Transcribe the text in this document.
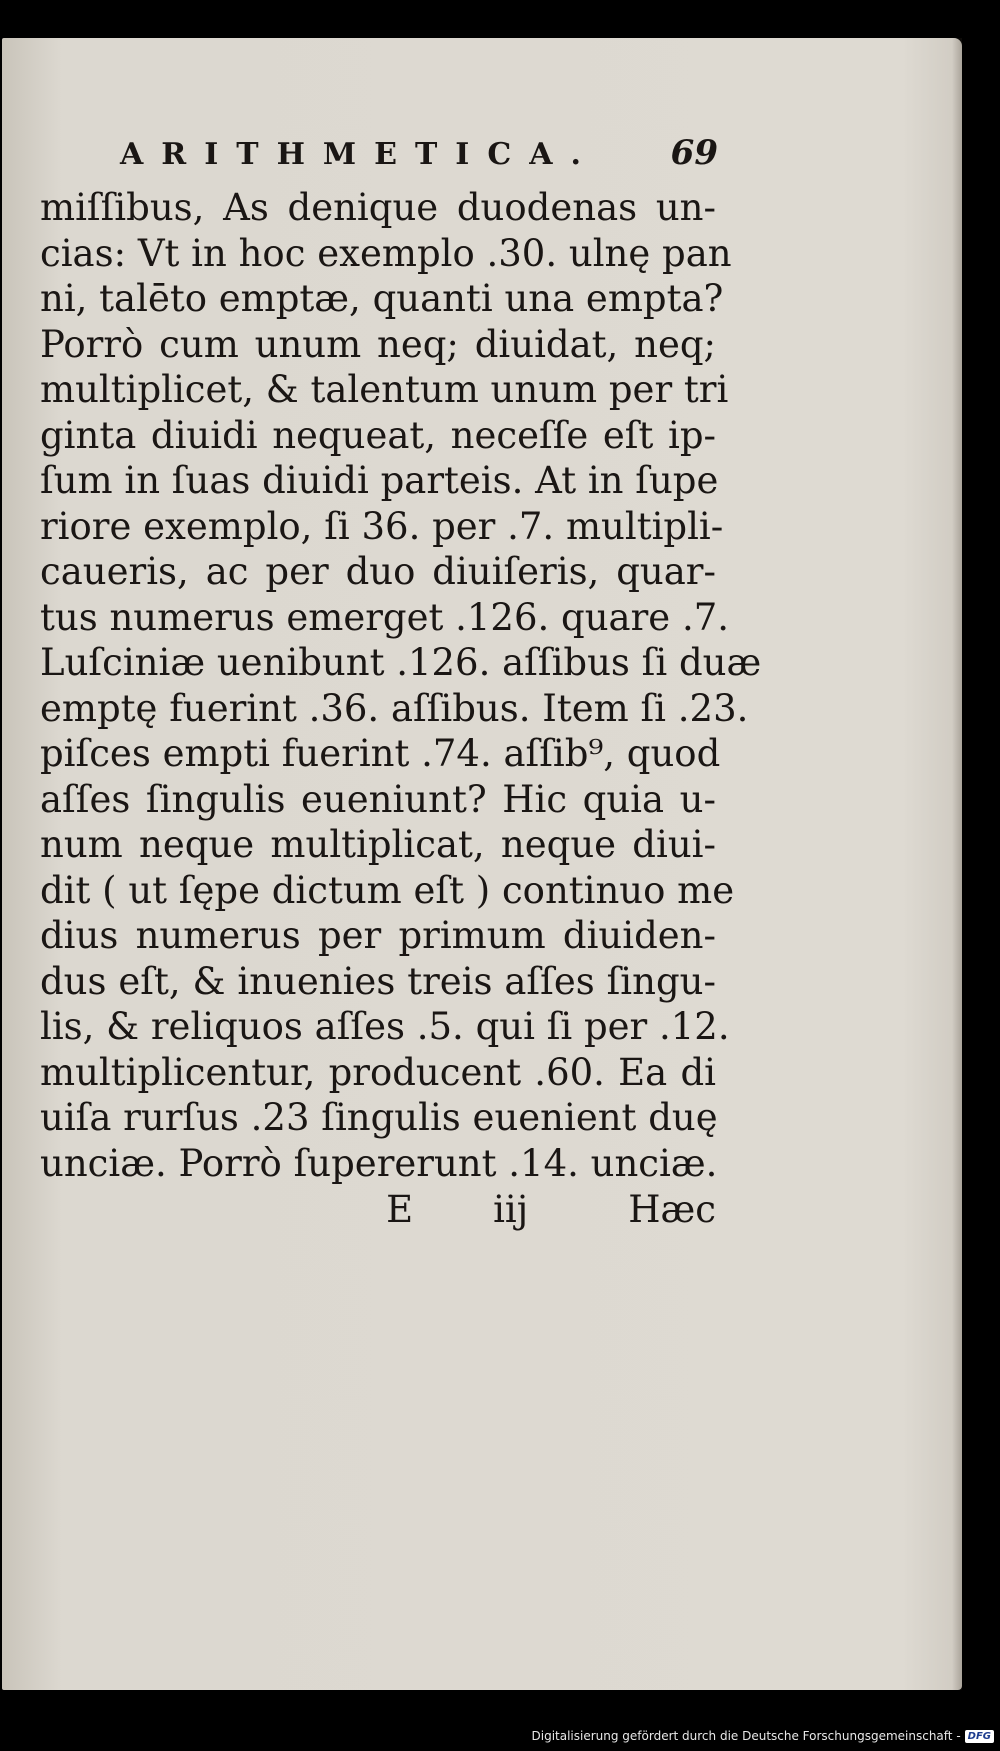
ARITHMETICA. 69
miſſibus, As denique duodenas un-
cias: Vt in hoc exemplo .30. ulnę pan
ni, talēto emptæ, quanti una empta?
Porrò cum unum neq; diuidat, neq;
multiplicet, & talentum unum per tri
ginta diuidi nequeat, neceſſe eſt ip-
ſum in ſuas diuidi parteis. At in ſupe
riore exemplo, ſi 36. per .7. multipli-
caueris, ac per duo diuiſeris, quar-
tus numerus emerget .126. quare .7.
Luſciniæ uenibunt .126. aſſibus ſi duæ
emptę fuerint .36. aſſibus. Item ſi .23.
piſces empti fuerint .74. aſſib⁹, quod
aſſes ſingulis eueniunt? Hic quia u-
num neque multiplicat, neque diui-
dit ( ut ſępe dictum eſt ) continuo me
dius numerus per primum diuiden-
dus eſt, & inuenies treis aſſes ſingu-
lis, & reliquos aſſes .5. qui ſi per .12.
multiplicentur, producent .60. Ea di
uiſa rurſus .23 ſingulis euenient duę
unciæ. Porrò ſupererunt .14. unciæ.
E iij	Hæc
Digitalisierung gefördert durch die Deutsche Forschungsgemeinschaft - DFG
